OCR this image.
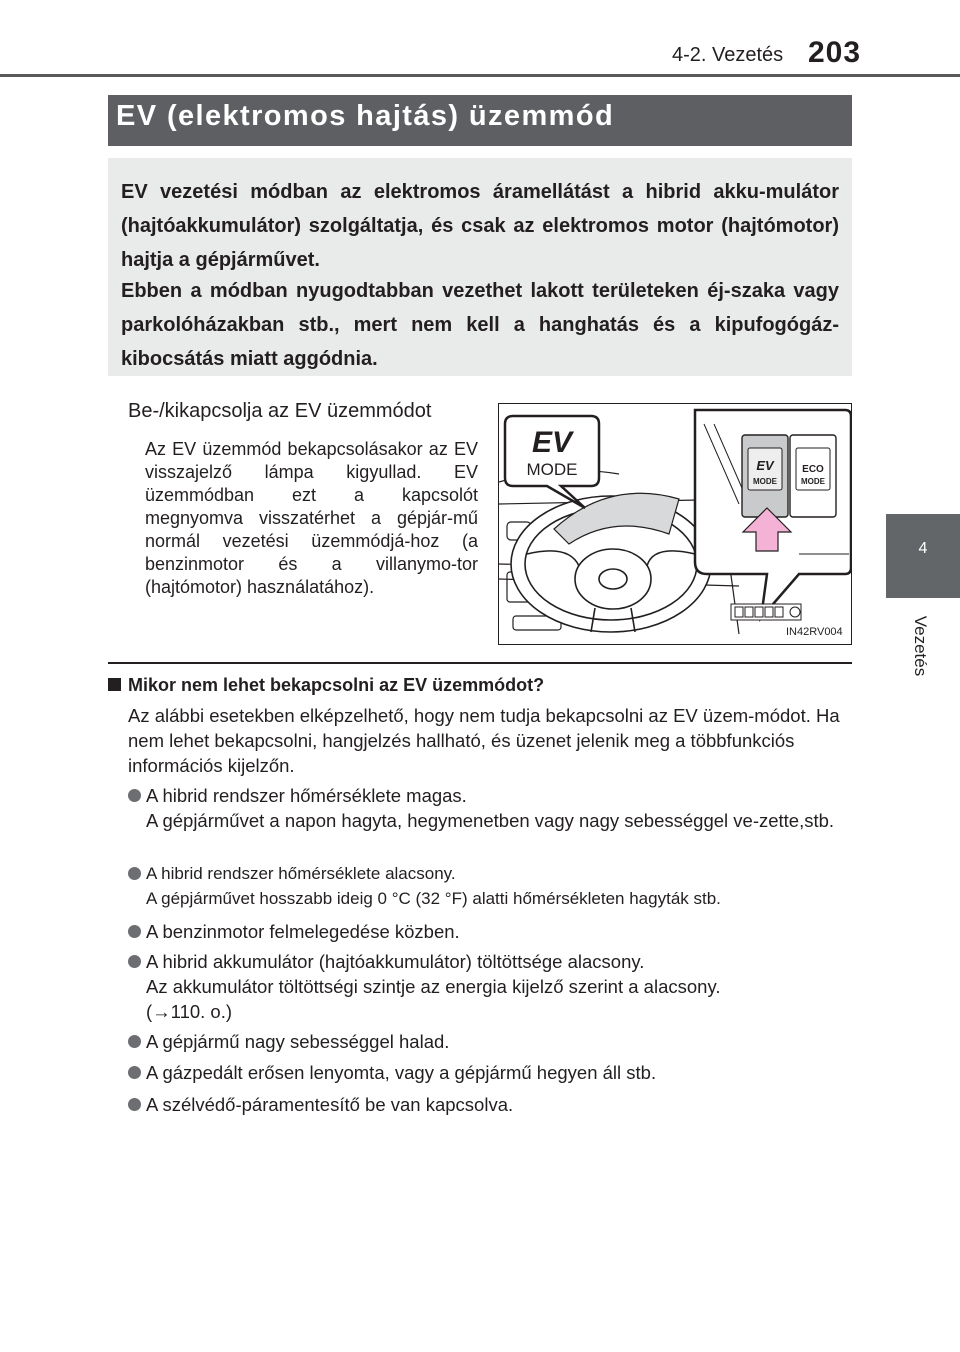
4-2. Vezetés 203
4
Vezetés
EV (elektromos hajtás) üzemmód
EV vezetési módban az elektromos áramellátást a hibrid akku-mulátor (hajtóakkumulátor) szolgáltatja, és csak az elektromos motor (hajtómotor) hajtja a gépjárművet.
Ebben a módban nyugodtabban vezethet lakott területeken éj-szaka vagy parkolóházakban stb., mert nem kell a hanghatás és a kipufogógáz-kibocsátás miatt aggódnia.
Be-/kikapcsolja az EV üzemmódot
Az EV üzemmód bekapcsolásakor az EV visszajelző lámpa kigyullad. EV üzemmódban ezt a kapcsolót megnyomva visszatérhet a gépjár-mű normál vezetési üzemmódjá-hoz (a benzinmotor és a villanymo-tor (hajtómotor) használatához).
EV
MODE
ECO
MODE
EV
MODE
IN42RV004
Mikor nem lehet bekapcsolni az EV üzemmódot?
Az alábbi esetekben elképzelhető, hogy nem tudja bekapcsolni az EV üzem-módot. Ha nem lehet bekapcsolni, hangjelzés hallható, és üzenet jelenik meg a többfunkciós információs kijelzőn.
A hibrid rendszer hőmérséklete magas.
A gépjárművet a napon hagyta, hegymenetben vagy nagy sebességgel ve-zette,stb.
A hibrid rendszer hőmérséklete alacsony.
A gépjárművet hosszabb ideig 0 °C (32 °F) alatti hőmérsékleten hagyták stb.
A benzinmotor felmelegedése közben.
A hibrid akkumulátor (hajtóakkumulátor) töltöttsége alacsony.
Az akkumulátor töltöttségi szintje az energia kijelző szerint a alacsony.
(→110. o.)
A gépjármű nagy sebességgel halad.
A gázpedált erősen lenyomta, vagy a gépjármű hegyen áll stb.
A szélvédő-páramentesítő be van kapcsolva.
